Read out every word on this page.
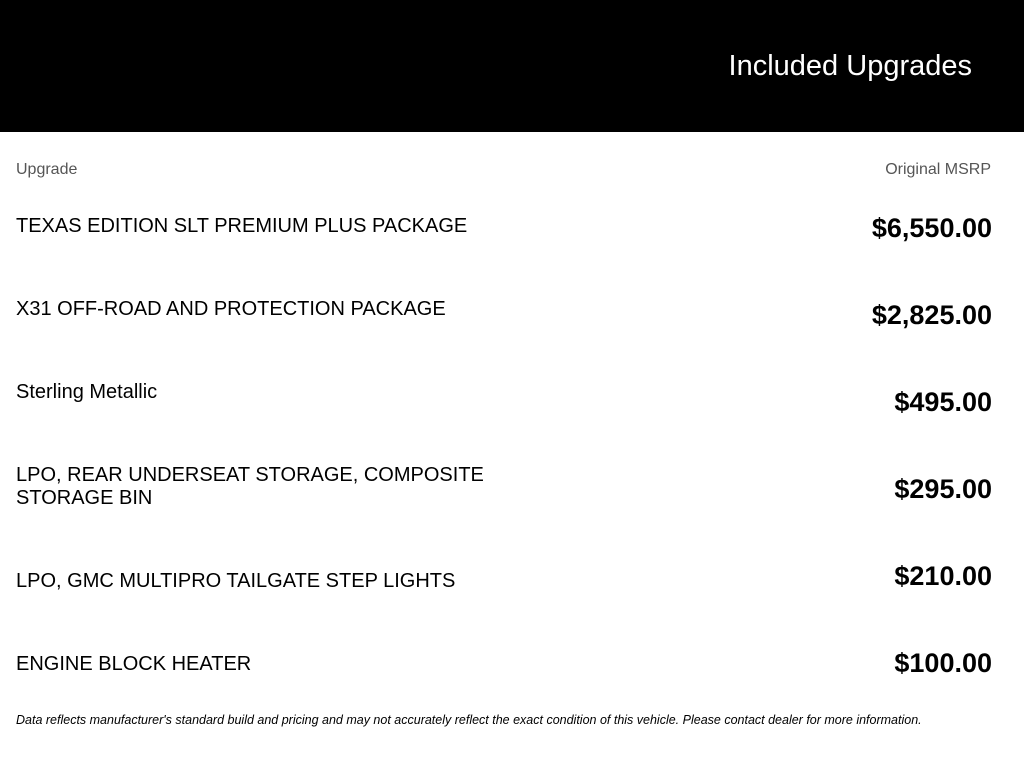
Included Upgrades
Upgrade	Original MSRP
TEXAS EDITION SLT PREMIUM PLUS PACKAGE	$6,550.00
X31 OFF-ROAD AND PROTECTION PACKAGE	$2,825.00
Sterling Metallic	$495.00
LPO, REAR UNDERSEAT STORAGE, COMPOSITE STORAGE BIN	$295.00
LPO, GMC MULTIPRO TAILGATE STEP LIGHTS	$210.00
ENGINE BLOCK HEATER	$100.00
Data reflects manufacturer's standard build and pricing and may not accurately reflect the exact condition of this vehicle. Please contact dealer for more information.
